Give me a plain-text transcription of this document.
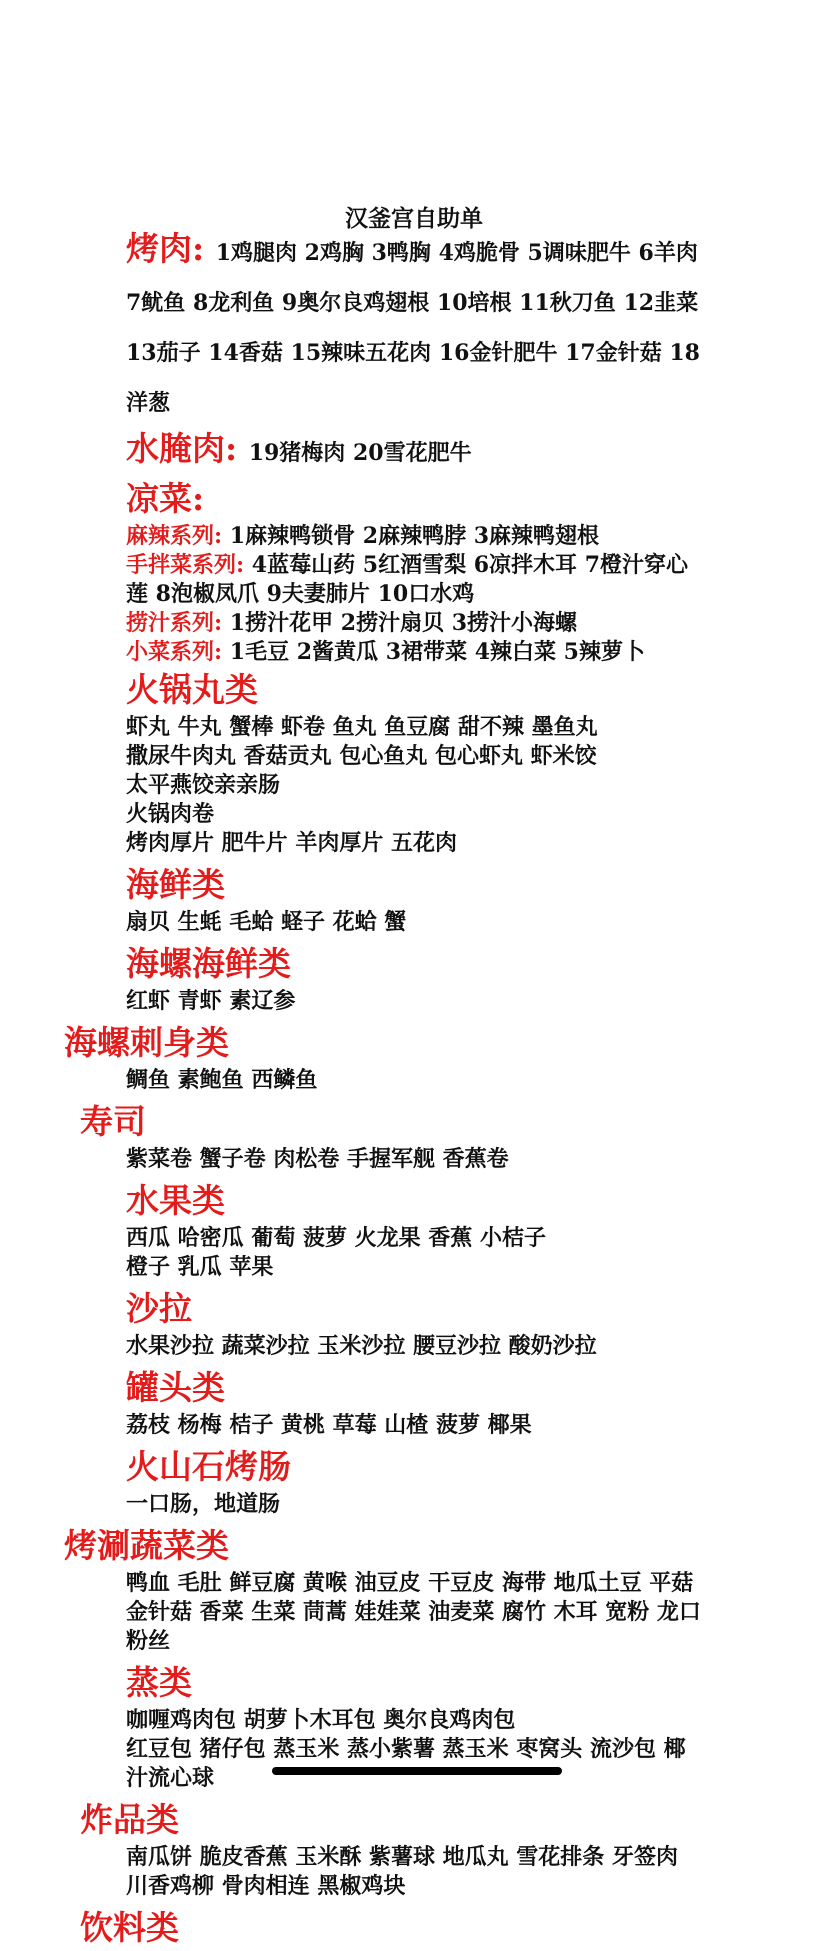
汉釜宫自助单
烤肉: 1鸡腿肉 2鸡胸 3鸭胸 4鸡脆骨 5调味肥牛 6羊肉 7鱿鱼 8龙利鱼 9奥尔良鸡翅根 10培根 11秋刀鱼 12韭菜 13茄子 14香菇 15辣味五花肉 16金针肥牛 17金针菇 18洋葱
水腌肉: 19猪梅肉 20雪花肥牛
凉菜:
麻辣系列: 1麻辣鸭锁骨 2麻辣鸭脖 3麻辣鸭翅根
手拌菜系列: 4蓝莓山药 5红酒雪梨 6凉拌木耳 7橙汁穿心莲 8泡椒凤爪 9夫妻肺片 10口水鸡
捞汁系列: 1捞汁花甲 2捞汁扇贝 3捞汁小海螺
小菜系列: 1毛豆 2酱黄瓜 3裙带菜 4辣白菜 5辣萝卜
火锅丸类
虾丸 牛丸 蟹棒 虾卷 鱼丸 鱼豆腐 甜不辣 墨鱼丸
撒尿牛肉丸 香菇贡丸 包心鱼丸 包心虾丸 虾米饺
太平燕饺亲亲肠
火锅肉卷
烤肉厚片 肥牛片 羊肉厚片 五花肉
海鲜类
扇贝 生蚝 毛蛤 蛏子 花蛤 蟹
海螺海鲜类
红虾 青虾 素辽参
海螺刺身类
鲷鱼 素鲍鱼 西鳞鱼
寿司
紫菜卷 蟹子卷 肉松卷 手握军舰 香蕉卷
水果类
西瓜 哈密瓜 葡萄 菠萝 火龙果 香蕉 小桔子
橙子 乳瓜 苹果
沙拉
水果沙拉 蔬菜沙拉 玉米沙拉 腰豆沙拉 酸奶沙拉
罐头类
荔枝 杨梅 桔子 黄桃 草莓 山楂 菠萝 椰果
火山石烤肠
一口肠，地道肠
烤涮蔬菜类
鸭血 毛肚 鲜豆腐 黄喉 油豆皮 干豆皮 海带 地瓜土豆 平菇 金针菇 香菜 生菜 茼蒿 娃娃菜 油麦菜 腐竹 木耳 宽粉 龙口粉丝
蒸类
咖喱鸡肉包 胡萝卜木耳包 奥尔良鸡肉包
红豆包 猪仔包 蒸玉米 蒸小紫薯 蒸玉米 枣窝头 流沙包 椰汁流心球
炸品类
南瓜饼 脆皮香蕉 玉米酥 紫薯球 地瓜丸 雪花排条 牙签肉 川香鸡柳 骨肉相连 黑椒鸡块
饮料类
